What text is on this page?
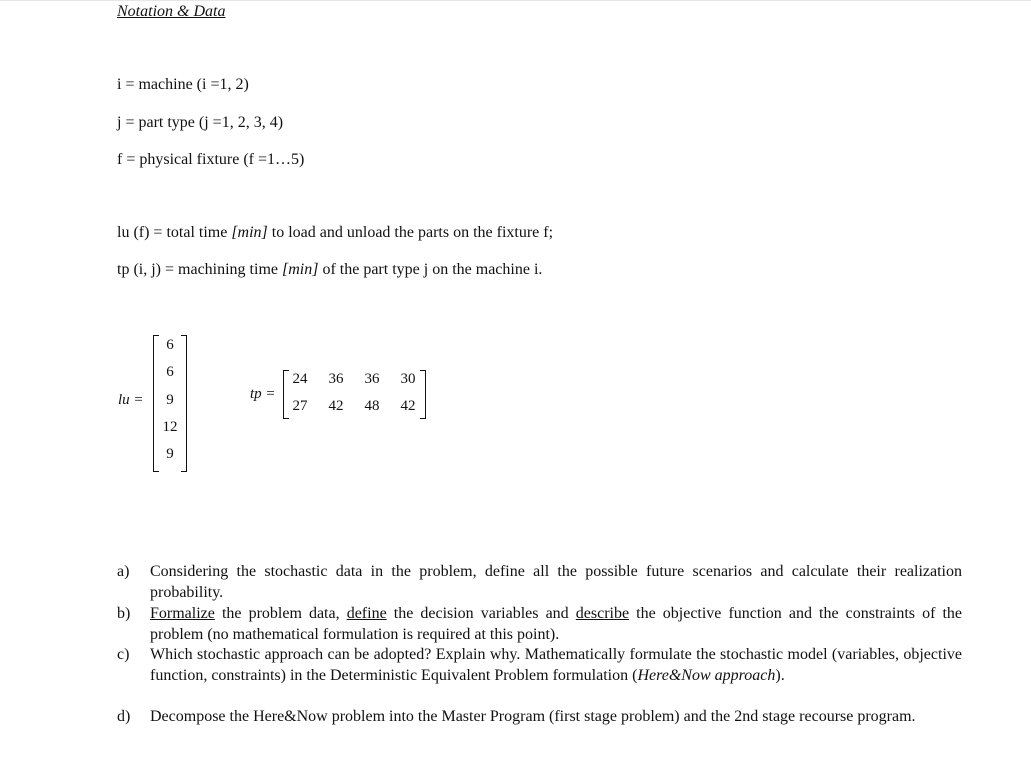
Notation & Data
i = machine (i =1, 2)
j = part type (j =1, 2, 3, 4)
f = physical fixture (f =1…5)
lu (f) = total time [min] to load and unload the parts on the fixture f;
tp (i, j) = machining time [min] of the part type j on the machine i.
lu =
6
6
9
12
9
tp =
24	36	36	30
27	42	48	42
a) Considering the stochastic data in the problem, define all the possible future scenarios and calculate their realization probability.
b) Formalize the problem data, define the decision variables and describe the objective function and the constraints of the problem (no mathematical formulation is required at this point).
c) Which stochastic approach can be adopted? Explain why. Mathematically formulate the stochastic model (variables, objective function, constraints) in the Deterministic Equivalent Problem formulation (Here&Now approach).
d) Decompose the Here&Now problem into the Master Program (first stage problem) and the 2nd stage recourse program.
